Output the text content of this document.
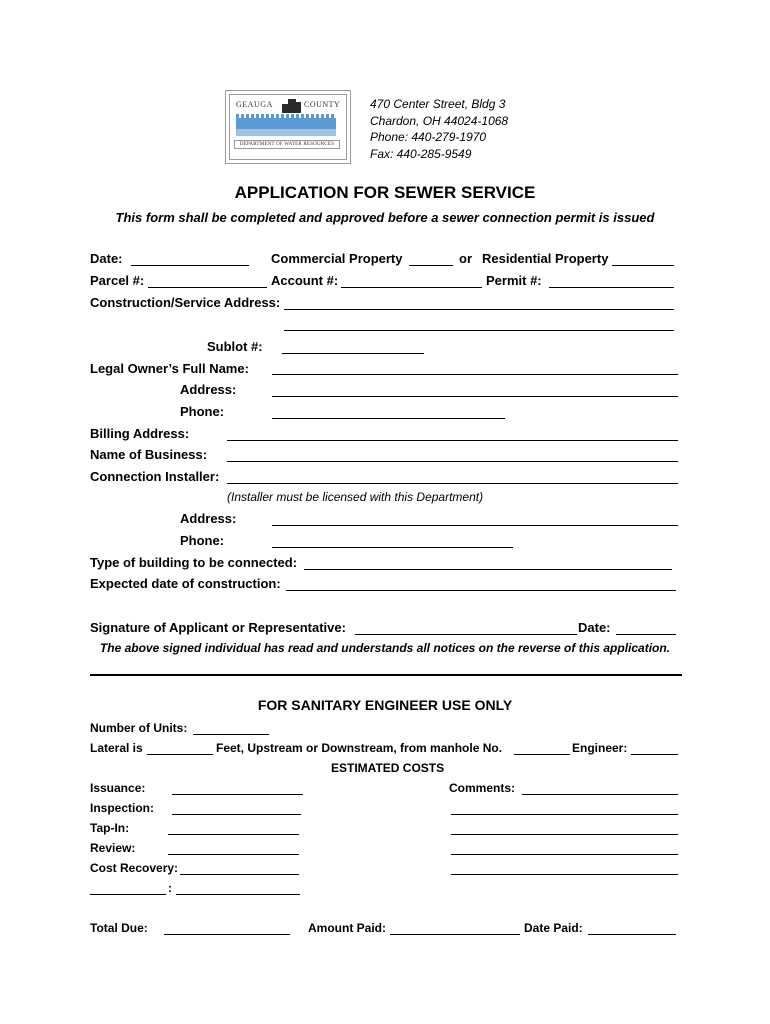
GEAUGA	COUNTY
DEPARTMENT OF WATER RESOURCES
470 Center Street, Bldg 3
Chardon, OH 44024-1068
Phone: 440-279-1970
Fax: 440-285-9549
APPLICATION FOR SEWER SERVICE
This form shall be completed and approved before a sewer connection permit is issued
Date:	Commercial Property	or Residential Property
Parcel #:	Account #:	Permit #:
Construction/Service Address:
Sublot #:
Legal Owner’s Full Name:
Address:
Phone:
Billing Address:
Name of Business:
Connection Installer:
(Installer must be licensed with this Department)
Address:
Phone:
Type of building to be connected:
Expected date of construction:
Signature of Applicant or Representative:	Date:
The above signed individual has read and understands all notices on the reverse of this application.
FOR SANITARY ENGINEER USE ONLY
Number of Units:
Lateral is	Feet, Upstream or Downstream, from manhole No.	Engineer:
ESTIMATED COSTS
Issuance:
Inspection:
Tap-In:
Review:
Cost Recovery:
:
Comments:
Total Due:	Amount Paid:	Date Paid:
